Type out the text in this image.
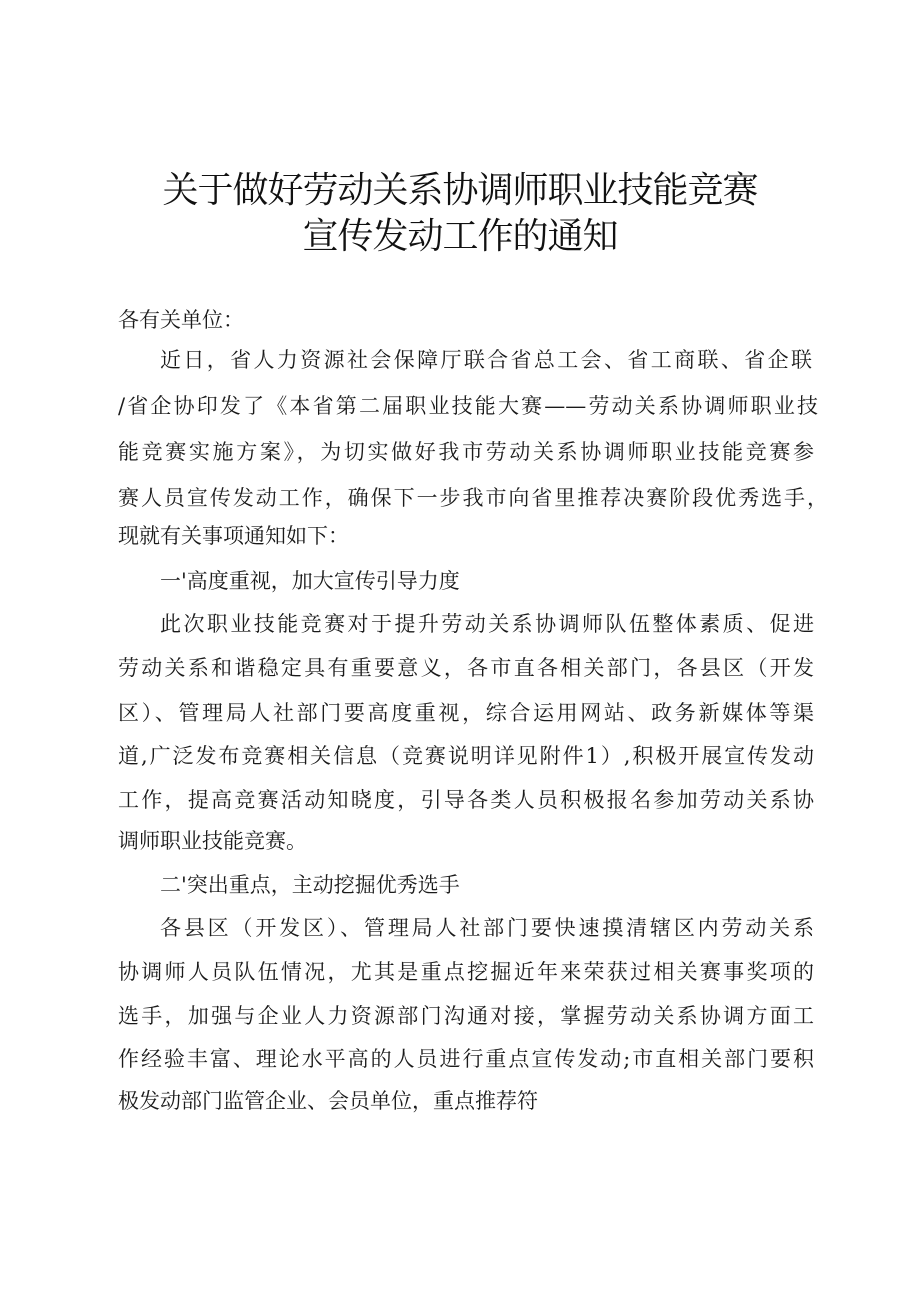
关于做好劳动关系协调师职业技能竞赛
宣传发动工作的通知
各有关单位：
近日，省人力资源社会保障厅联合省总工会、省工商联、省企联
/省企协印发了《本省第二届职业技能大赛——劳动关系协调师职业技
能竞赛实施方案》，为切实做好我市劳动关系协调师职业技能竞赛参
赛人员宣传发动工作，确保下一步我市向省里推荐决赛阶段优秀选手，
现就有关事项通知如下：
一'高度重视，加大宣传引导力度
此次职业技能竞赛对于提升劳动关系协调师队伍整体素质、促进
劳动关系和谐稳定具有重要意义，各市直各相关部门，各县区（开发
区）、管理局人社部门要高度重视，综合运用网站、政务新媒体等渠
道,广泛发布竞赛相关信息（竞赛说明详见附件1）,积极开展宣传发动
工作，提高竞赛活动知晓度，引导各类人员积极报名参加劳动关系协
调师职业技能竞赛。
二'突出重点，主动挖掘优秀选手
各县区（开发区）、管理局人社部门要快速摸清辖区内劳动关系
协调师人员队伍情况，尤其是重点挖掘近年来荣获过相关赛事奖项的
选手，加强与企业人力资源部门沟通对接，掌握劳动关系协调方面工
作经验丰富、理论水平高的人员进行重点宣传发动;市直相关部门要积
极发动部门监管企业、会员单位，重点推荐符
